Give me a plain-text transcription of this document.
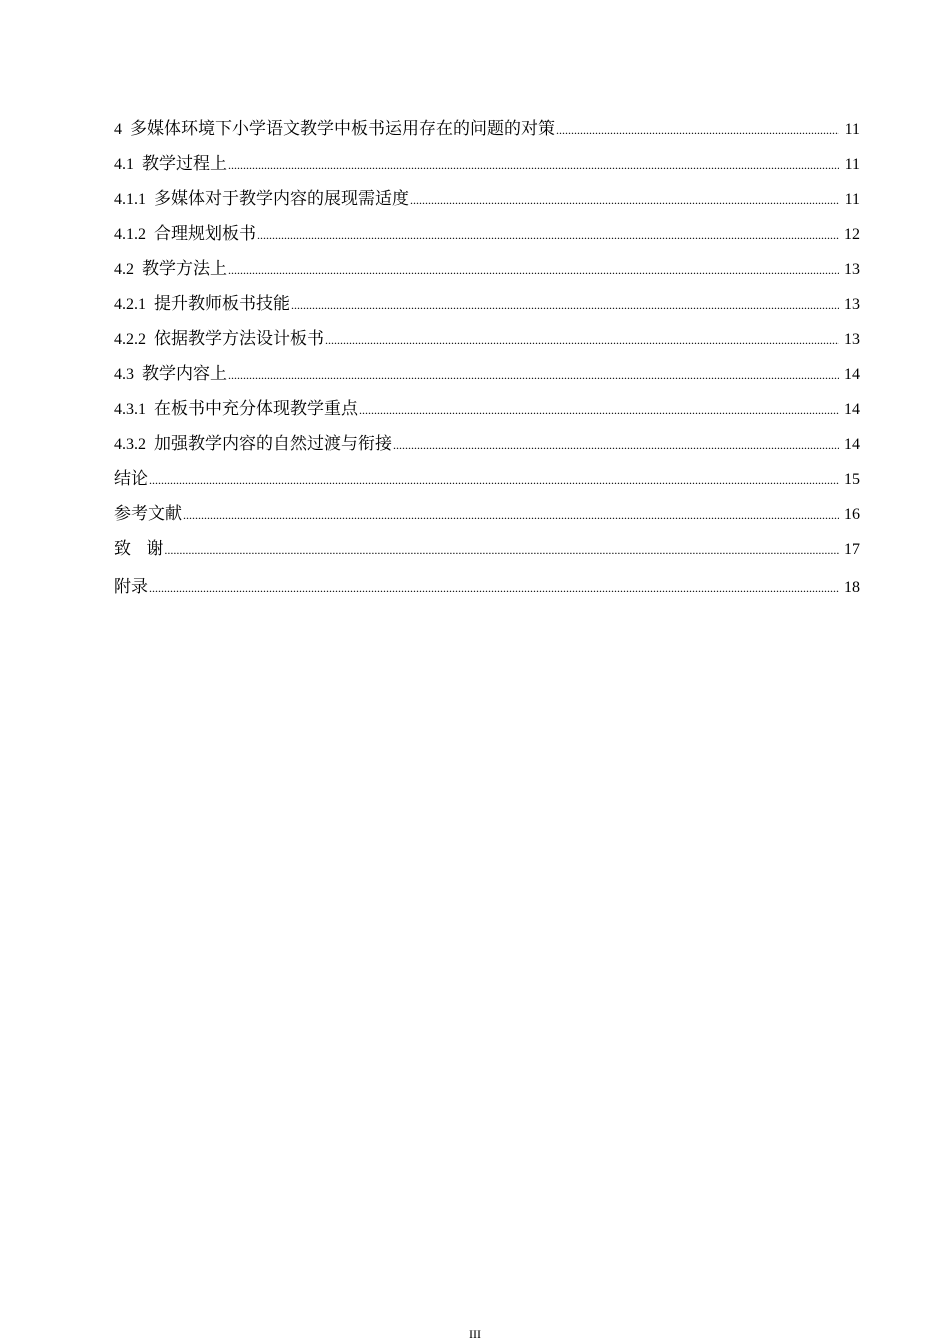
4 多媒体环境下小学语文教学中板书运用存在的问题的对策 .....	11
4.1 教学过程上 .....	11
4.1.1 多媒体对于教学内容的展现需适度 .....	11
4.1.2 合理规划板书 .....	12
4.2 教学方法上 .....	13
4.2.1 提升教师板书技能 .....	13
4.2.2 依据教学方法设计板书 .....	13
4.3 教学内容上 .....	14
4.3.1 在板书中充分体现教学重点 .....	14
4.3.2 加强教学内容的自然过渡与衔接 .....	14
结论 .....	15
参考文献 .....	16
致 谢 .....	17
附录 .....	18
III
